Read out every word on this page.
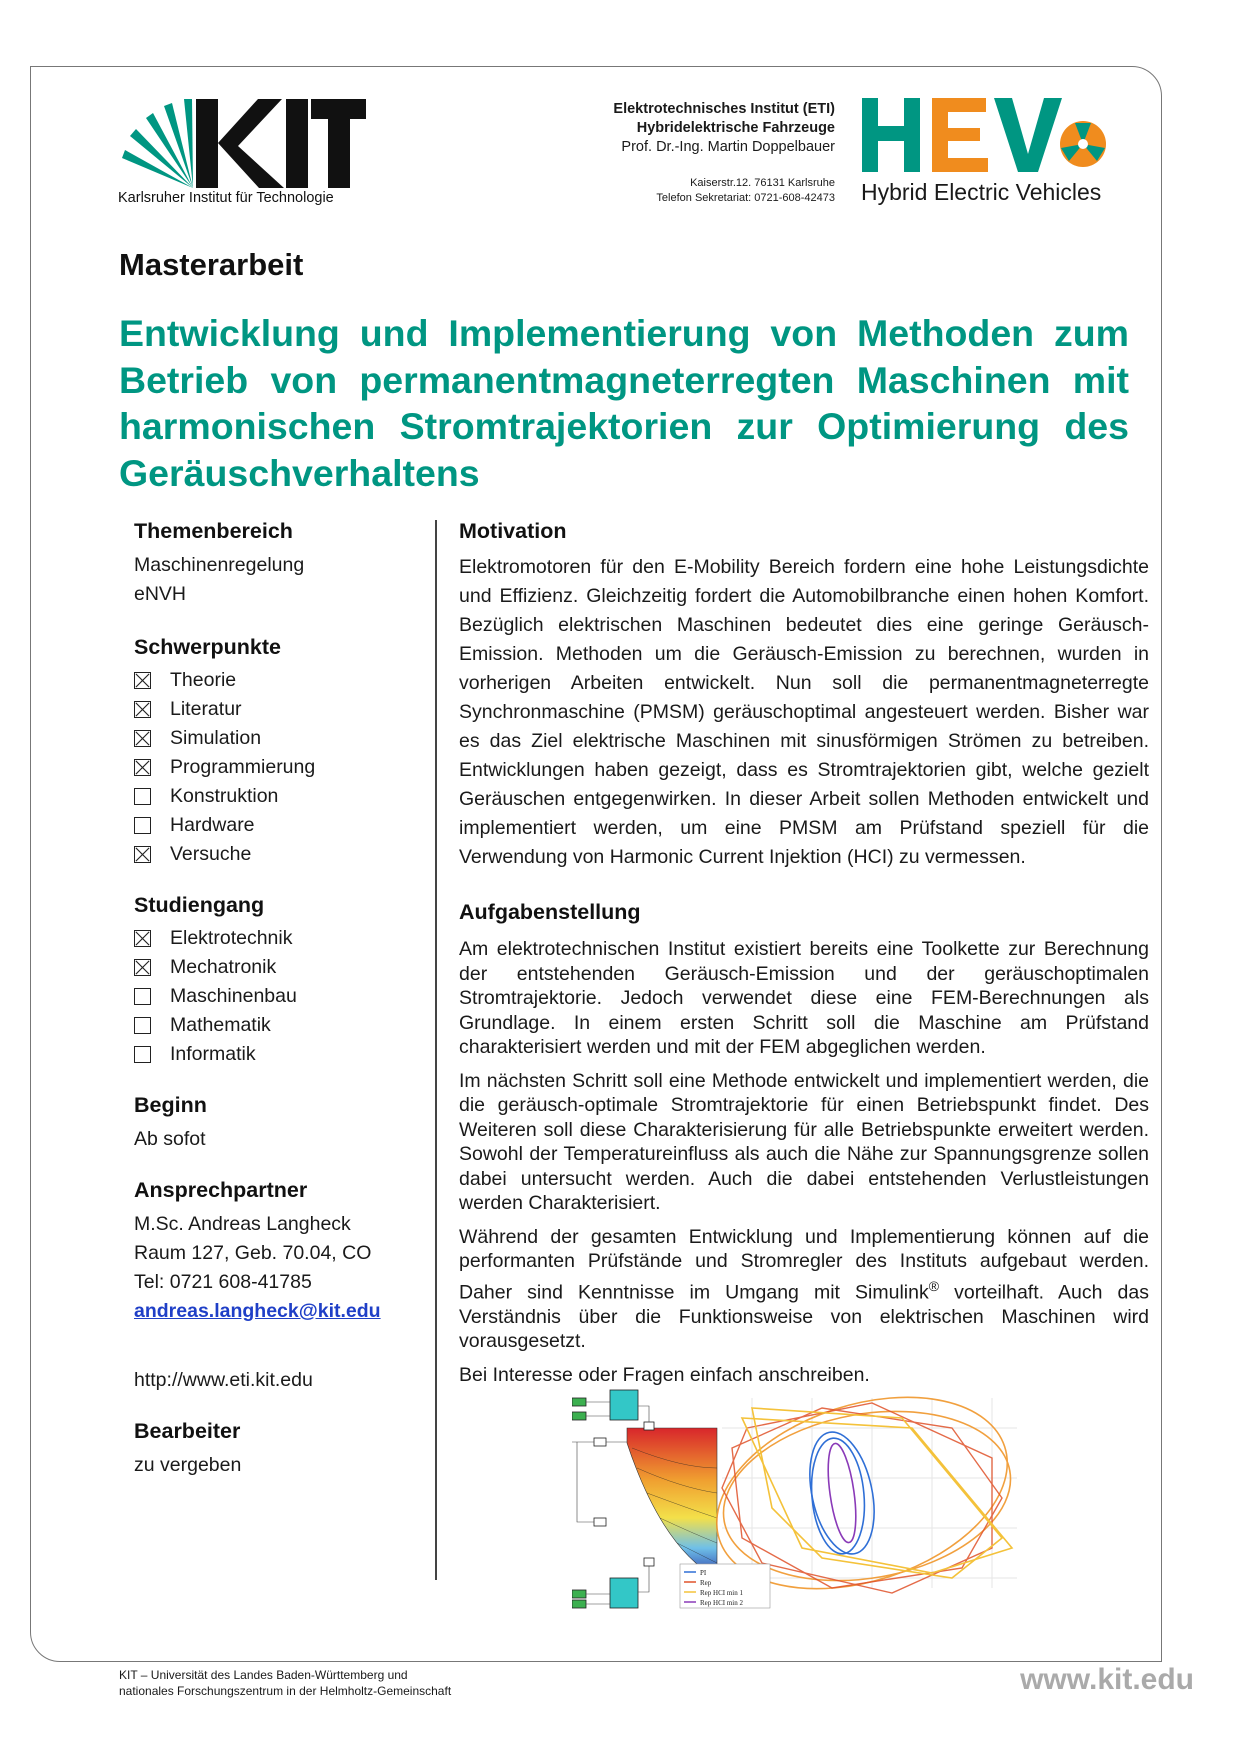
Karlsruher Institut für Technologie
Elektrotechnisches Institut (ETI)
Hybridelektrische Fahrzeuge
Prof. Dr.-Ing. Martin Doppelbauer
Kaiserstr.12. 76131 Karlsruhe
Telefon Sekretariat: 0721-608-42473 Hybrid Electric Vehicles
Masterarbeit
Entwicklung und Implementierung von Methoden zum Betrieb von permanentmagneterregten Maschinen mit harmonischen Stromtrajektorien zur Optimierung des Geräuschverhaltens

Themenbereich

Maschinenregelung

eNVH

Schwerpunkte

Theorie
Literatur
Simulation
Programmierung
Konstruktion
Hardware
Versuche

Studiengang

Elektrotechnik
Mechatronik
Maschinenbau
Mathematik
Informatik

Beginn

Ab sofot

Ansprechpartner

M.Sc. Andreas Langheck

Raum 127, Geb. 70.04, CO

Tel: 0721 608-41785

andreas.langheck@kit.edu

http://www.eti.kit.edu

Bearbeiter

zu vergeben

Motivation

Elektromotoren für den E-Mobility Bereich fordern eine hohe Leistungsdichte und Effizienz. Gleichzeitig fordert die Automobilbranche einen hohen Komfort. Bezüglich elektrischen Maschinen bedeutet dies eine geringe Geräusch-Emission. Methoden um die Geräusch-Emission zu berechnen, wurden in vorherigen Arbeiten entwickelt. Nun soll die permanentmagneterregte Synchronmaschine (PMSM) geräuschoptimal angesteuert werden. Bisher war es das Ziel elektrische Maschinen mit sinusförmigen Strömen zu betreiben. Entwicklungen haben gezeigt, dass es Stromtrajektorien gibt, welche gezielt Geräuschen entgegenwirken. In dieser Arbeit sollen Methoden entwickelt und implementiert werden, um eine PMSM am Prüfstand speziell für die Verwendung von Harmonic Current Injektion (HCI) zu vermessen.

Aufgabenstellung

Am elektrotechnischen Institut existiert bereits eine Toolkette zur Berechnung der entstehenden Geräusch-Emission und der geräuschoptimalen Stromtrajektorie. Jedoch verwendet diese eine FEM-Berechnungen als Grundlage. In einem ersten Schritt soll die Maschine am Prüfstand charakterisiert werden und mit der FEM abgeglichen werden.

Im nächsten Schritt soll eine Methode entwickelt und implementiert werden, die die geräusch-optimale Stromtrajektorie für einen Betriebspunkt findet. Des Weiteren soll diese Charakterisierung für alle Betriebspunkte erweitert werden. Sowohl der Temperatureinfluss als auch die Nähe zur Spannungsgrenze sollen dabei untersucht werden. Auch die dabei entstehenden Verlustleistungen werden Charakterisiert.

Während der gesamten Entwicklung und Implementierung können auf die performanten Prüfstände und Stromregler des Instituts aufgebaut werden. Daher sind Kenntnisse im Umgang mit Simulink® vorteilhaft. Auch das Verständnis über die Funktionsweise von elektrischen Maschinen wird vorausgesetzt.

Bei Interesse oder Fragen einfach anschreiben.

PI
Rep
Rep HCI min 1
Rep HCI min 2
KIT – Universität des Landes Baden-Württemberg und
nationales Forschungszentrum in der Helmholtz-Gemeinschaft	www.kit.edu
